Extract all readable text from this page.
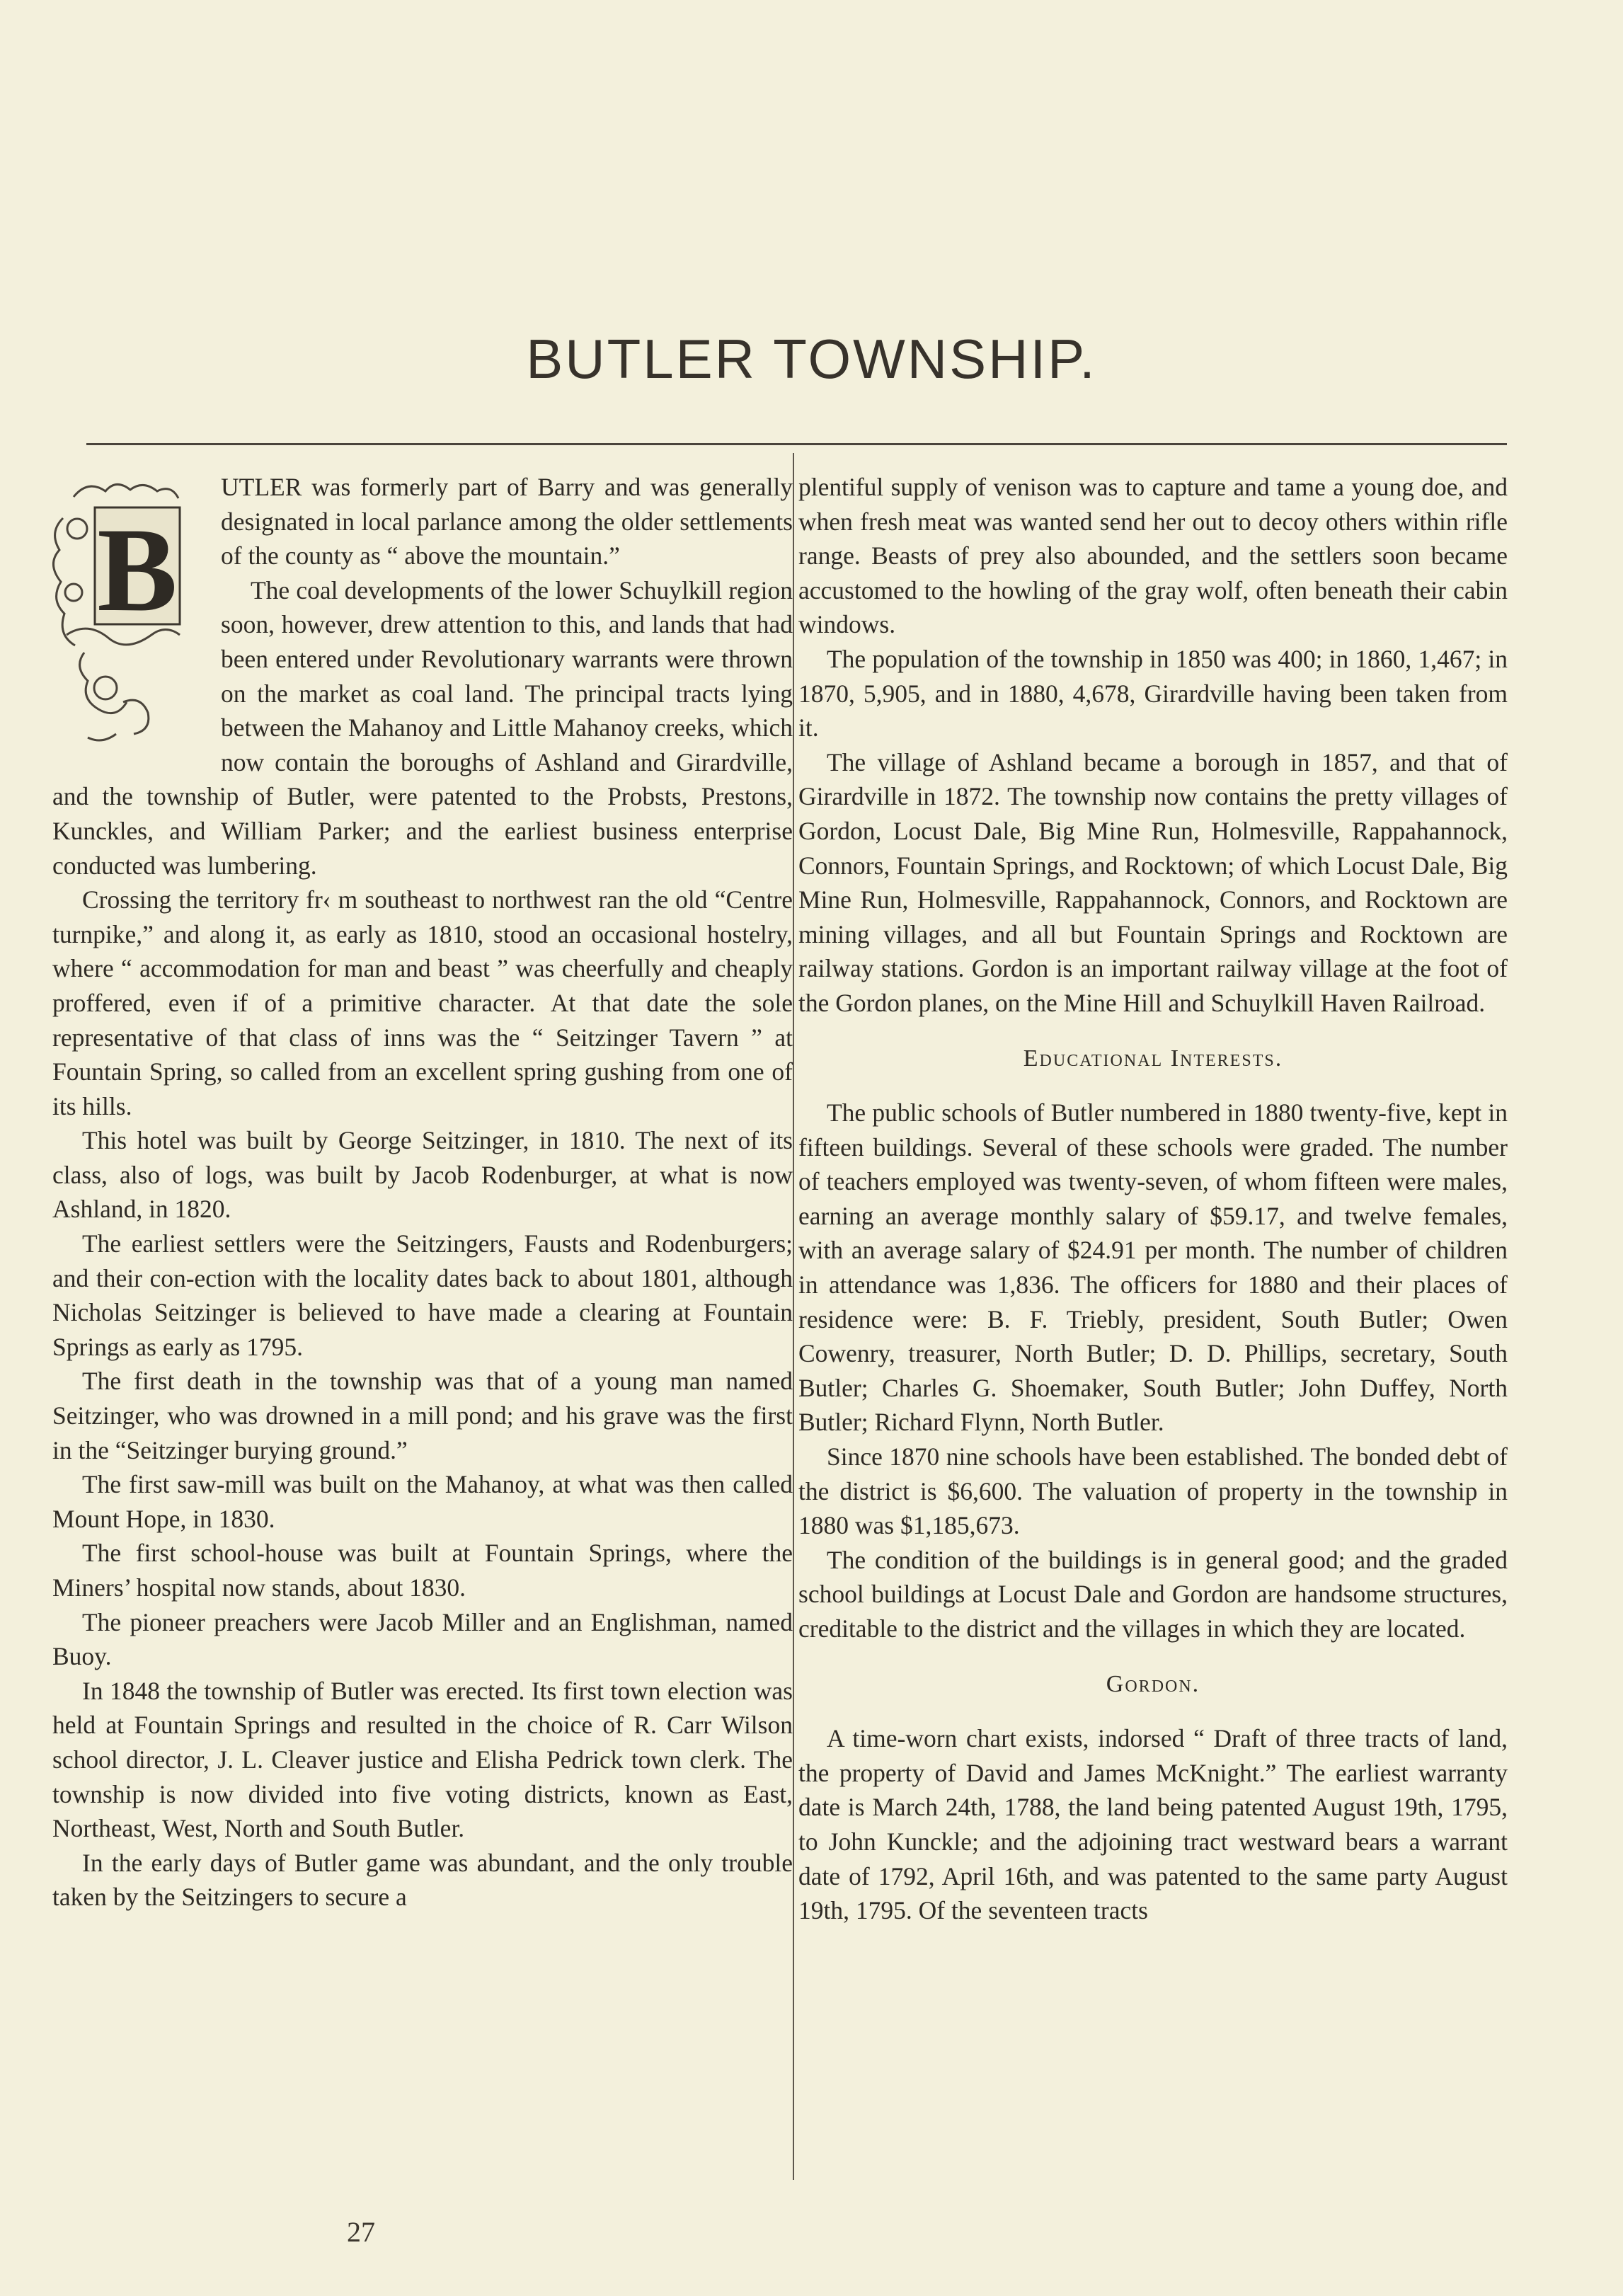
BUTLER TOWNSHIP.
B

UTLER was formerly part of Barry and was generally designated in local parlance among the older settlements of the county as “ above the mountain.”

The coal developments of the lower Schuylkill region soon, however, drew attention to this, and lands that had been entered under Revolutionary warrants were thrown on the market as coal land. The principal tracts lying between the Mahanoy and Little Mahanoy creeks, which now contain the boroughs of Ashland and Girardville, and the township of Butler, were patented to the Probsts, Prestons, Kunckles, and William Parker; and the earliest business enterprise conducted was lumbering.

Crossing the territory fr‹ m southeast to northwest ran the old “Centre turnpike,” and along it, as early as 1810, stood an occasional hostelry, where “ accommodation for man and beast ” was cheerfully and cheaply proffered, even if of a primitive character. At that date the sole representative of that class of inns was the “ Seitzinger Tavern ” at Fountain Spring, so called from an excellent spring gushing from one of its hills.

This hotel was built by George Seitzinger, in 1810. The next of its class, also of logs, was built by Jacob Rodenburger, at what is now Ashland, in 1820.

The earliest settlers were the Seitzingers, Fausts and Rodenburgers; and their con‑ection with the locality dates back to about 1801, although Nicholas Seitzinger is believed to have made a clearing at Fountain Springs as early as 1795.

The first death in the township was that of a young man named Seitzinger, who was drowned in a mill pond; and his grave was the first in the “Seitzinger burying ground.”

The first saw-mill was built on the Mahanoy, at what was then called Mount Hope, in 1830.

The first school-house was built at Fountain Springs, where the Miners’ hospital now stands, about 1830.

The pioneer preachers were Jacob Miller and an Englishman, named Buoy.

In 1848 the township of Butler was erected. Its first town election was held at Fountain Springs and resulted in the choice of R. Carr Wilson school director, J. L. Cleaver justice and Elisha Pedrick town clerk. The township is now divided into five voting districts, known as East, Northeast, West, North and South Butler.

In the early days of Butler game was abundant, and the only trouble taken by the Seitzingers to secure a

plentiful supply of venison was to capture and tame a young doe, and when fresh meat was wanted send her out to decoy others within rifle range. Beasts of prey also abounded, and the settlers soon became accustomed to the howling of the gray wolf, often beneath their cabin windows.

The population of the township in 1850 was 400; in 1860, 1,467; in 1870, 5,905, and in 1880, 4,678, Girardville having been taken from it.

The village of Ashland became a borough in 1857, and that of Girardville in 1872. The township now contains the pretty villages of Gordon, Locust Dale, Big Mine Run, Holmesville, Rappahannock, Connors, Fountain Springs, and Rocktown; of which Locust Dale, Big Mine Run, Holmesville, Rappahannock, Connors, and Rocktown are mining villages, and all but Fountain Springs and Rocktown are railway stations. Gordon is an important railway village at the foot of the Gordon planes, on the Mine Hill and Schuylkill Haven Railroad.

Educational Interests.

The public schools of Butler numbered in 1880 twenty-five, kept in fifteen buildings. Several of these schools were graded. The number of teachers employed was twenty-seven, of whom fifteen were males, earning an average monthly salary of $59.17, and twelve females, with an average salary of $24.91 per month. The number of children in attendance was 1,836. The officers for 1880 and their places of residence were: B. F. Triebly, president, South Butler; Owen Cowenry, treasurer, North Butler; D. D. Phillips, secretary, South Butler; Charles G. Shoemaker, South Butler; John Duffey, North Butler; Richard Flynn, North Butler.

Since 1870 nine schools have been established. The bonded debt of the district is $6,600. The valuation of property in the township in 1880 was $1,185,673.

The condition of the buildings is in general good; and the graded school buildings at Locust Dale and Gordon are handsome structures, creditable to the district and the villages in which they are located.

Gordon.

A time-worn chart exists, indorsed “ Draft of three tracts of land, the property of David and James McKnight.” The earliest warranty date is March 24th, 1788, the land being patented August 19th, 1795, to John Kunckle; and the adjoining tract westward bears a warrant date of 1792, April 16th, and was patented to the same party August 19th, 1795. Of the seventeen tracts

27
